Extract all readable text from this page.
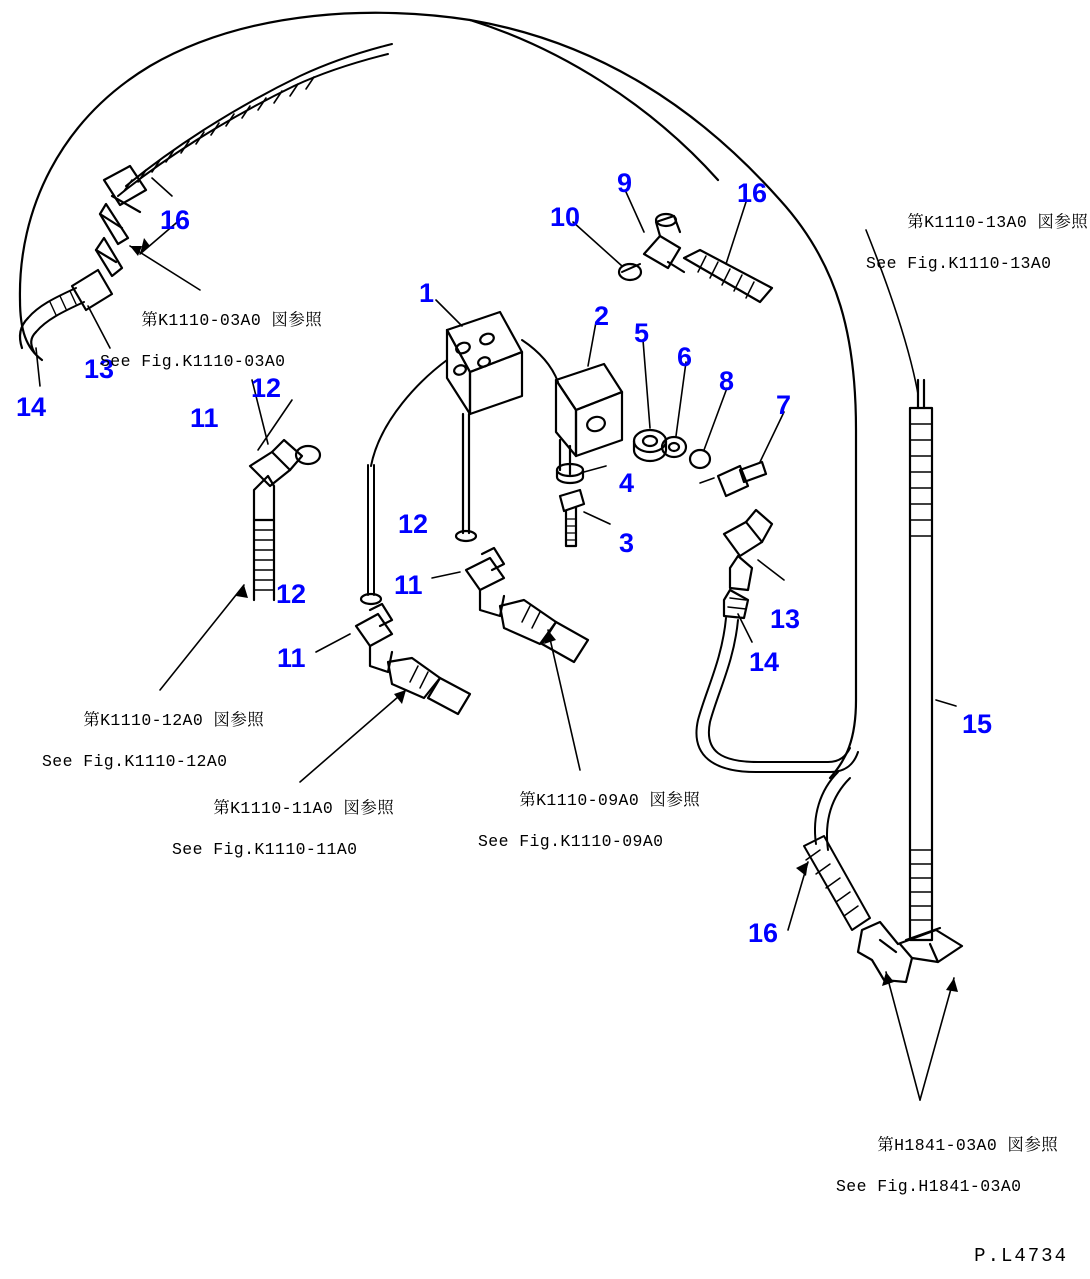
16
13
14
1
2
5
6
8
7
10
9	16
4
3
12
11
12
12	11
11
13
14
15
16

第K1110-03A0 図参照

See Fig.K1110-03A0

第K1110-13A0 図参照

See Fig.K1110-13A0

第K1110-12A0 図参照

See Fig.K1110-12A0

第K1110-11A0 図参照

See Fig.K1110-11A0

第K1110-09A0 図参照

See Fig.K1110-09A0

第H1841-03A0 図参照

See Fig.H1841-03A0

P.L4734
